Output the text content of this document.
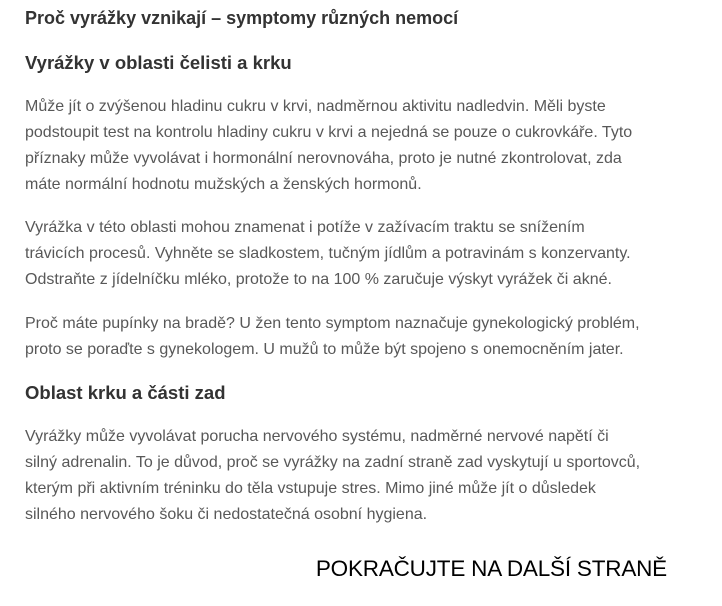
Proč vyrážky vznikají – symptomy různých nemocí
Vyrážky v oblasti čelisti a krku

Může jít o zvýšenou hladinu cukru v krvi, nadměrnou aktivitu nadledvin. Měli byste
podstoupit test na kontrolu hladiny cukru v krvi a nejedná se pouze o cukrovkáře. Tyto
příznaky může vyvolávat i hormonální nerovnováha, proto je nutné zkontrolovat, zda
máte normální hodnotu mužských a ženských hormonů.

Vyrážka v této oblasti mohou znamenat i potíže v zažívacím traktu se snížením
trávicích procesů. Vyhněte se sladkostem, tučným jídlům a potravinám s konzervanty.
Odstraňte z jídelníčku mléko, protože to na 100 % zaručuje výskyt vyrážek či akné.

Proč máte pupínky na bradě? U žen tento symptom naznačuje gynekologický problém,
proto se poraďte s gynekologem. U mužů to může být spojeno s onemocněním jater.

Oblast krku a části zad

Vyrážky může vyvolávat porucha nervového systému, nadměrné nervové napětí či
silný adrenalin. To je důvod, proč se vyrážky na zadní straně zad vyskytují u sportovců,
kterým při aktivním tréninku do těla vstupuje stres. Mimo jiné může jít o důsledek
silného nervového šoku či nedostatečná osobní hygiena.

POKRAČUJTE NA DALŠÍ STRANĚ
